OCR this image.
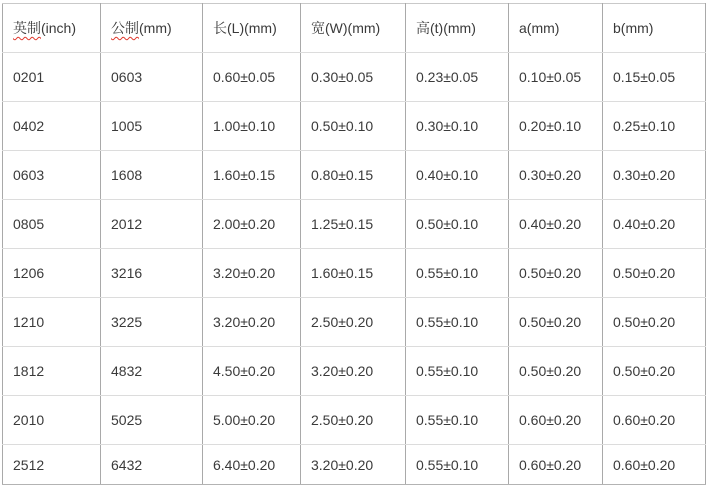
英制(inch)	公制(mm)	长(L)(mm)	宽(W)(mm)	高(t)(mm)	a(mm)	b(mm)
0201	0603	0.60±0.05	0.30±0.05	0.23±0.05	0.10±0.05	0.15±0.05
0402	1005	1.00±0.10	0.50±0.10	0.30±0.10	0.20±0.10	0.25±0.10
0603	1608	1.60±0.15	0.80±0.15	0.40±0.10	0.30±0.20	0.30±0.20
0805	2012	2.00±0.20	1.25±0.15	0.50±0.10	0.40±0.20	0.40±0.20
1206	3216	3.20±0.20	1.60±0.15	0.55±0.10	0.50±0.20	0.50±0.20
1210	3225	3.20±0.20	2.50±0.20	0.55±0.10	0.50±0.20	0.50±0.20
1812	4832	4.50±0.20	3.20±0.20	0.55±0.10	0.50±0.20	0.50±0.20
2010	5025	5.00±0.20	2.50±0.20	0.55±0.10	0.60±0.20	0.60±0.20
2512	6432	6.40±0.20	3.20±0.20	0.55±0.10	0.60±0.20	0.60±0.20
